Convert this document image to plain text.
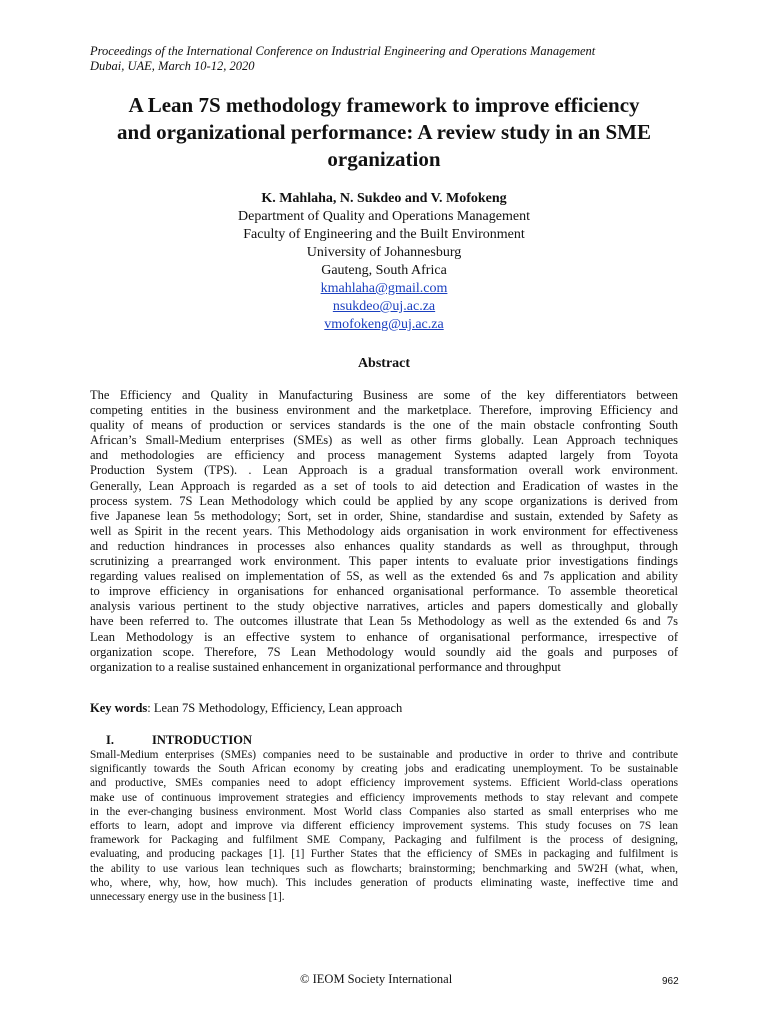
Proceedings of the International Conference on Industrial Engineering and Operations Management
Dubai, UAE, March 10-12, 2020
A Lean 7S methodology framework to improve efficiency
and organizational performance: A review study in an SME
organization
K. Mahlaha, N. Sukdeo and V. Mofokeng
Department of Quality and Operations Management
Faculty of Engineering and the Built Environment
University of Johannesburg
Gauteng, South Africa
kmahlaha@gmail.com
nsukdeo@uj.ac.za
vmofokeng@uj.ac.za
Abstract
The Efficiency and Quality in Manufacturing Business are some of the key differentiators between
competing entities in the business environment and the marketplace. Therefore, improving Efficiency and
quality of means of production or services standards is the one of the main obstacle confronting South
African’s Small-Medium enterprises (SMEs) as well as other firms globally. Lean Approach techniques
and methodologies are efficiency and process management Systems adapted largely from Toyota
Production System (TPS). . Lean Approach is a gradual transformation overall work environment.
Generally, Lean Approach is regarded as a set of tools to aid detection and Eradication of wastes in the
process system. 7S Lean Methodology which could be applied by any scope organizations is derived from
five Japanese lean 5s methodology; Sort, set in order, Shine, standardise and sustain, extended by Safety as
well as Spirit in the recent years. This Methodology aids organisation in work environment for effectiveness
and reduction hindrances in processes also enhances quality standards as well as throughput, through
scrutinizing a prearranged work environment. This paper intents to evaluate prior investigations findings
regarding values realised on implementation of 5S, as well as the extended 6s and 7s application and ability
to improve efficiency in organisations for enhanced organisational performance. To assemble theoretical
analysis various pertinent to the study objective narratives, articles and papers domestically and globally
have been referred to. The outcomes illustrate that Lean 5s Methodology as well as the extended 6s and 7s
Lean Methodology is an effective system to enhance of organisational performance, irrespective of
organization scope. Therefore, 7S Lean Methodology would soundly aid the goals and purposes of
organization to a realise sustained enhancement in organizational performance and throughput
Key words: Lean 7S Methodology, Efficiency, Lean approach
I.	INTRODUCTION
Small-Medium enterprises (SMEs) companies need to be sustainable and productive in order to thrive and contribute
significantly towards the South African economy by creating jobs and eradicating unemployment. To be sustainable
and productive, SMEs companies need to adopt efficiency improvement systems. Efficient World-class operations
make use of continuous improvement strategies and efficiency improvements methods to stay relevant and compete
in the ever-changing business environment. Most World class Companies also started as small enterprises who me
efforts to learn, adopt and improve via different efficiency improvement systems. This study focuses on 7S lean
framework for Packaging and fulfilment SME Company, Packaging and fulfilment is the process of designing,
evaluating, and producing packages [1]. [1] Further States that the efficiency of SMEs in packaging and fulfilment is
the ability to use various lean techniques such as flowcharts; brainstorming; benchmarking and 5W2H (what, when,
who, where, why, how, how much). This includes generation of products eliminating waste, ineffective time and
unnecessary energy use in the business [1].
© IEOM Society International	962
